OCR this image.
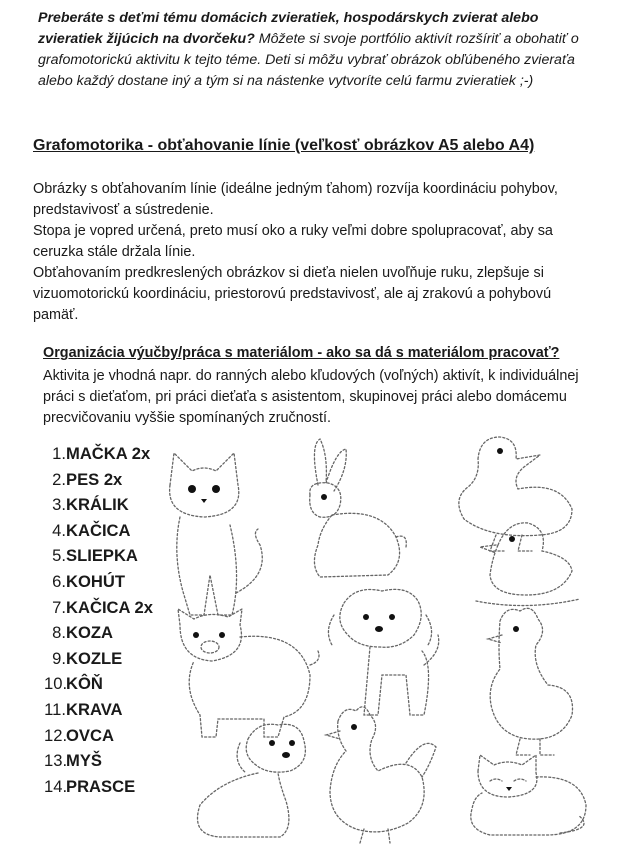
Preberáte s deťmi tému domácich zvieratiek, hospodárskych zvierat alebo zvieratiek žijúcich na dvorčeku? Môžete si svoje portfólio aktivít rozšíriť a obohatiť o grafomotorickú aktivitu k tejto téme. Deti si môžu vybrať obrázok obľúbeného zvieraťa alebo každý dostane iný a tým si na nástenke vytvoríte celú farmu zvieratiek ;-)
Grafomotorika - obťahovanie línie (veľkosť obrázkov A5 alebo A4)

Obrázky s obťahovaním línie (ideálne jedným ťahom) rozvíja koordináciu pohybov, predstavivosť a sústredenie.

Stopa je vopred určená, preto musí oko a ruky veľmi dobre spolupracovať, aby sa ceruzka stále držala línie.

Obťahovaním predkreslených obrázkov si dieťa nielen uvoľňuje ruku, zlepšuje si vizuomotorickú koordináciu, priestorovú predstavivosť, ale aj zrakovú a pohybovú pamäť.

Organizácia výučby/práca s materiálom - ako sa dá s materiálom pracovať?
Aktivita je vhodná napr. do ranných alebo kľudových (voľných) aktivít, k individuálnej práci s dieťaťom, pri práci dieťaťa s asistentom, skupinovej práci alebo domácemu precvičovaniu vyššie spomínaných zručností.
1.MAČKA 2x
2.PES 2x
3.KRÁLIK
4.KAČICA
5.SLIEPKA
6.KOHÚT
7.KAČICA 2x
8.KOZA
9.KOZLE
10.KÔŇ
11.KRAVA
12.OVCA
13.MYŠ
14.PRASCE
